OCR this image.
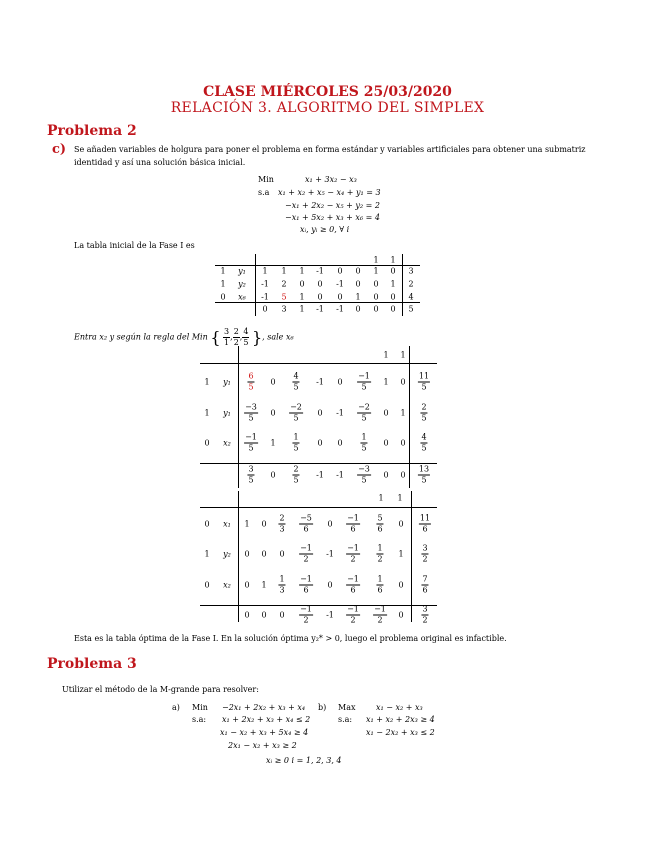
CLASE MIÉRCOLES 25/03/2020
RELACIÓN 3. ALGORITMO DEL SIMPLEX
Problema 2
c) Se añaden variables de holgura para poner el problema en forma estándar y variables artificiales para obtener una submatriz
identidad y así una solución básica inicial.
Min	x₁ + 3x₂ − x₃
s.a x₁ + x₂ + x₅ − x₄ + y₁ = 3
−x₁ + 2x₂ − x₅ + y₂ = 2
−x₁ + 5x₂ + x₃ + x₆ = 4
xᵢ, yᵢ ≥ 0, ∀ i
La tabla inicial de la Fase I es
1 1
1 y₁ 1 1 1 -1 0 0 1 0 3
1 y₂ -1 2 0 0 -1 0 0 1 2
0 x₆ -1 5 1 0 0 1 0 0 4
0 3 1 -1 -1 0 0 0 5
Entra x₂ y según la regla del Min { $\frac{3}{1}$ , $\frac{2}{2}$ , $\frac{4}{5}$ }, sale x₆
1 1
1 $y_1 \frac{6}{5} 0 \frac{4}{5} -1$ $0 \frac{-1}{5} 1$ $0 \frac{11}{5}$
1 $y_1 \frac{-3}{5} 0 \frac{-2}{5} 0$ $-1 \frac{-2}{5} 0$ $1 \frac{2}{5}$
0 $x_2 \frac{-1}{5} 1 \frac{1}{5} 0$ $0 \frac{1}{5} 0$ $0 \frac{4}{5}$
$\frac{3}{5} 0 \frac{2}{5} -1$ $-1 \frac{-3}{5} 0$ $0 \frac{13}{5}$
1 1
0 x₁ 1 $0 \frac{2}{3} \frac{-5}{6} 0 \frac{-1}{6} \frac{5}{6} 0 \frac{11}{6}$
1 y₂ 0 0 $0 \frac{-1}{2} -1 \frac{-1}{2} \frac{1}{2} 1 \frac{3}{2}$
0 x₂ 0 $1 \frac{1}{3} \frac{-1}{6} 0 \frac{-1}{6} \frac{1}{6} 0 \frac{7}{6}$
0 0 $0 \frac{-1}{2} -1 \frac{-1}{2} \frac{-1}{2} 0 \frac{3}{2}$
Esta es la tabla óptima de la Fase I. En la solución óptima y₂* > 0, luego el problema original es infactible.
Problema 3
Utilizar el método de la M-grande para resolver:
a) Min −2x₁ + 2x₂ + x₃ + x₄
s.a: x₁ + 2x₂ + x₃ + x₄ ≤ 2
x₁ − x₂ + x₃ + 5x₄ ≥ 4
2x₁ − x₂ + x₃ ≥ 2
b) Max	x₁ − x₂ + x₃
s.a: x₁ + x₂ + 2x₃ ≥ 4
x₁ − 2x₂ + x₃ ≤ 2
xᵢ ≥ 0 i = 1, 2, 3, 4
